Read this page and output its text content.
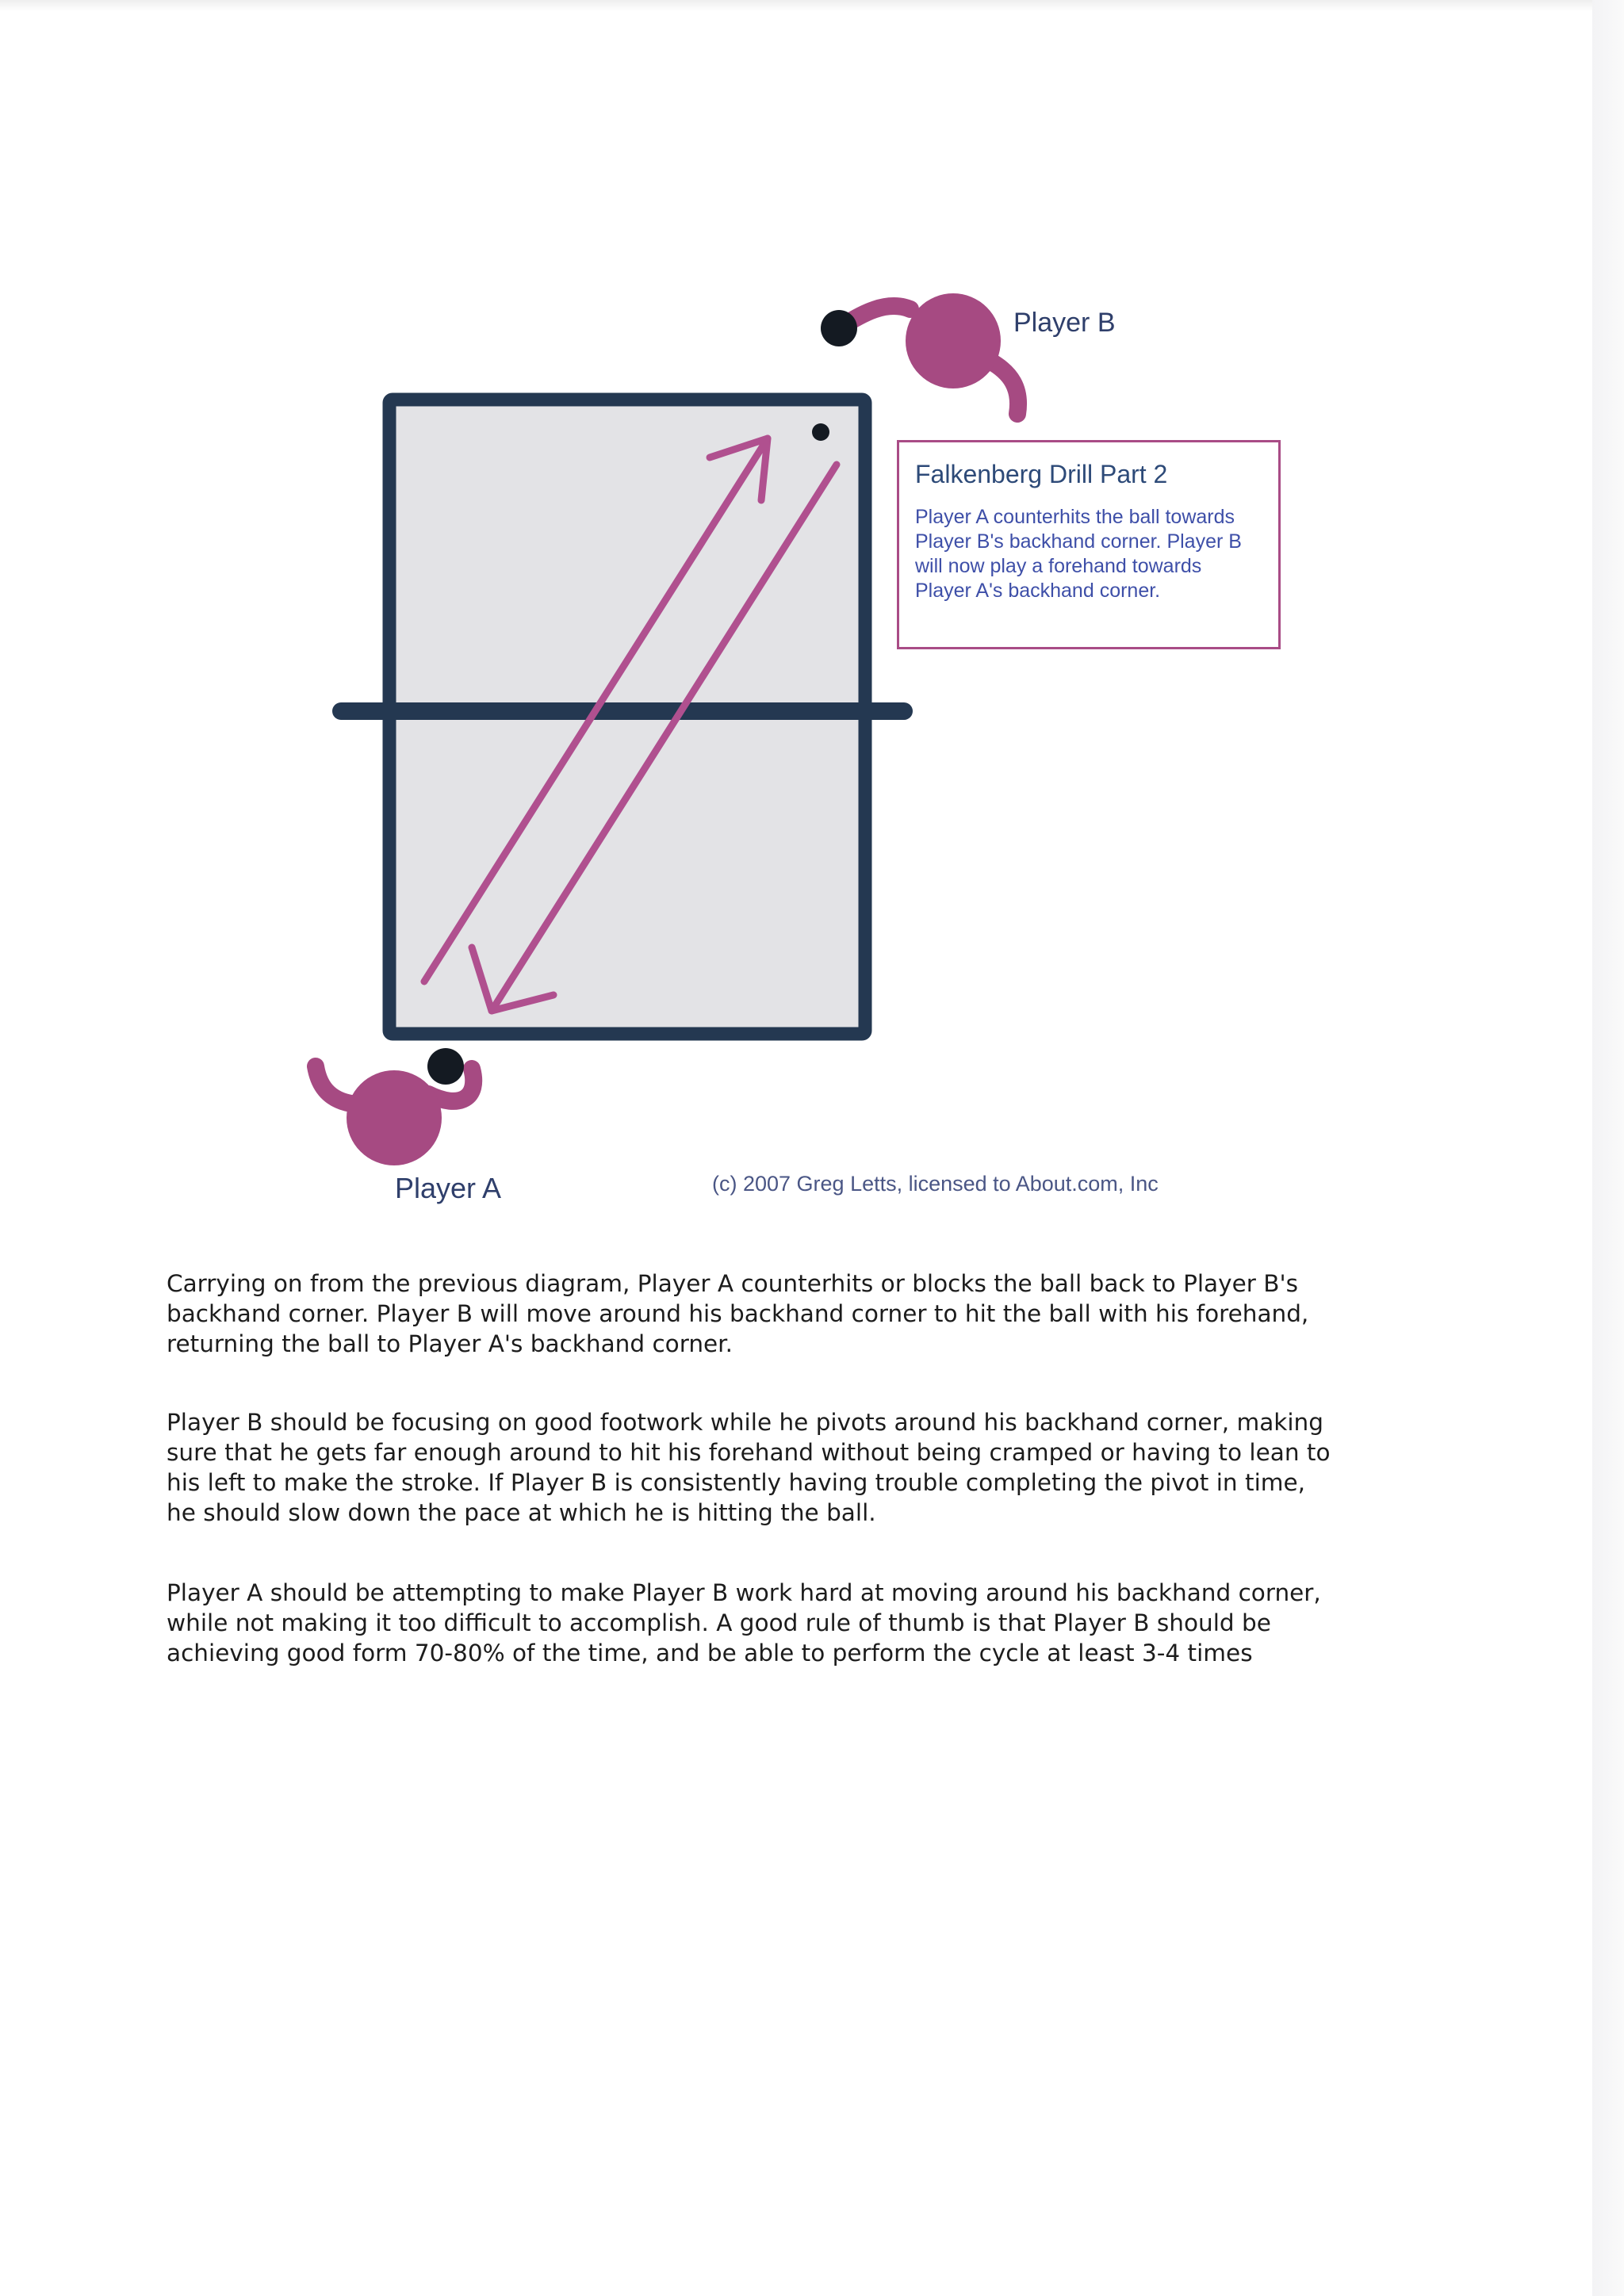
Player B

Player A	(c) 2007 Greg Letts, licensed to About.com, Inc

Falkenberg Drill Part 2

Player A counterhits the ball towards Player B's backhand corner. Player B will now play a forehand towards Player A's backhand corner.

Carrying on from the previous diagram, Player A counterhits or blocks the ball back to Player B's
backhand corner. Player B will move around his backhand corner to hit the ball with his forehand,
returning the ball to Player A's backhand corner.

Player B should be focusing on good footwork while he pivots around his backhand corner, making
sure that he gets far enough around to hit his forehand without being cramped or having to lean to
his left to make the stroke. If Player B is consistently having trouble completing the pivot in time,
he should slow down the pace at which he is hitting the ball.

Player A should be attempting to make Player B work hard at moving around his backhand corner,
while not making it too difficult to accomplish. A good rule of thumb is that Player B should be
achieving good form 70-80% of the time, and be able to perform the cycle at least 3-4 times
